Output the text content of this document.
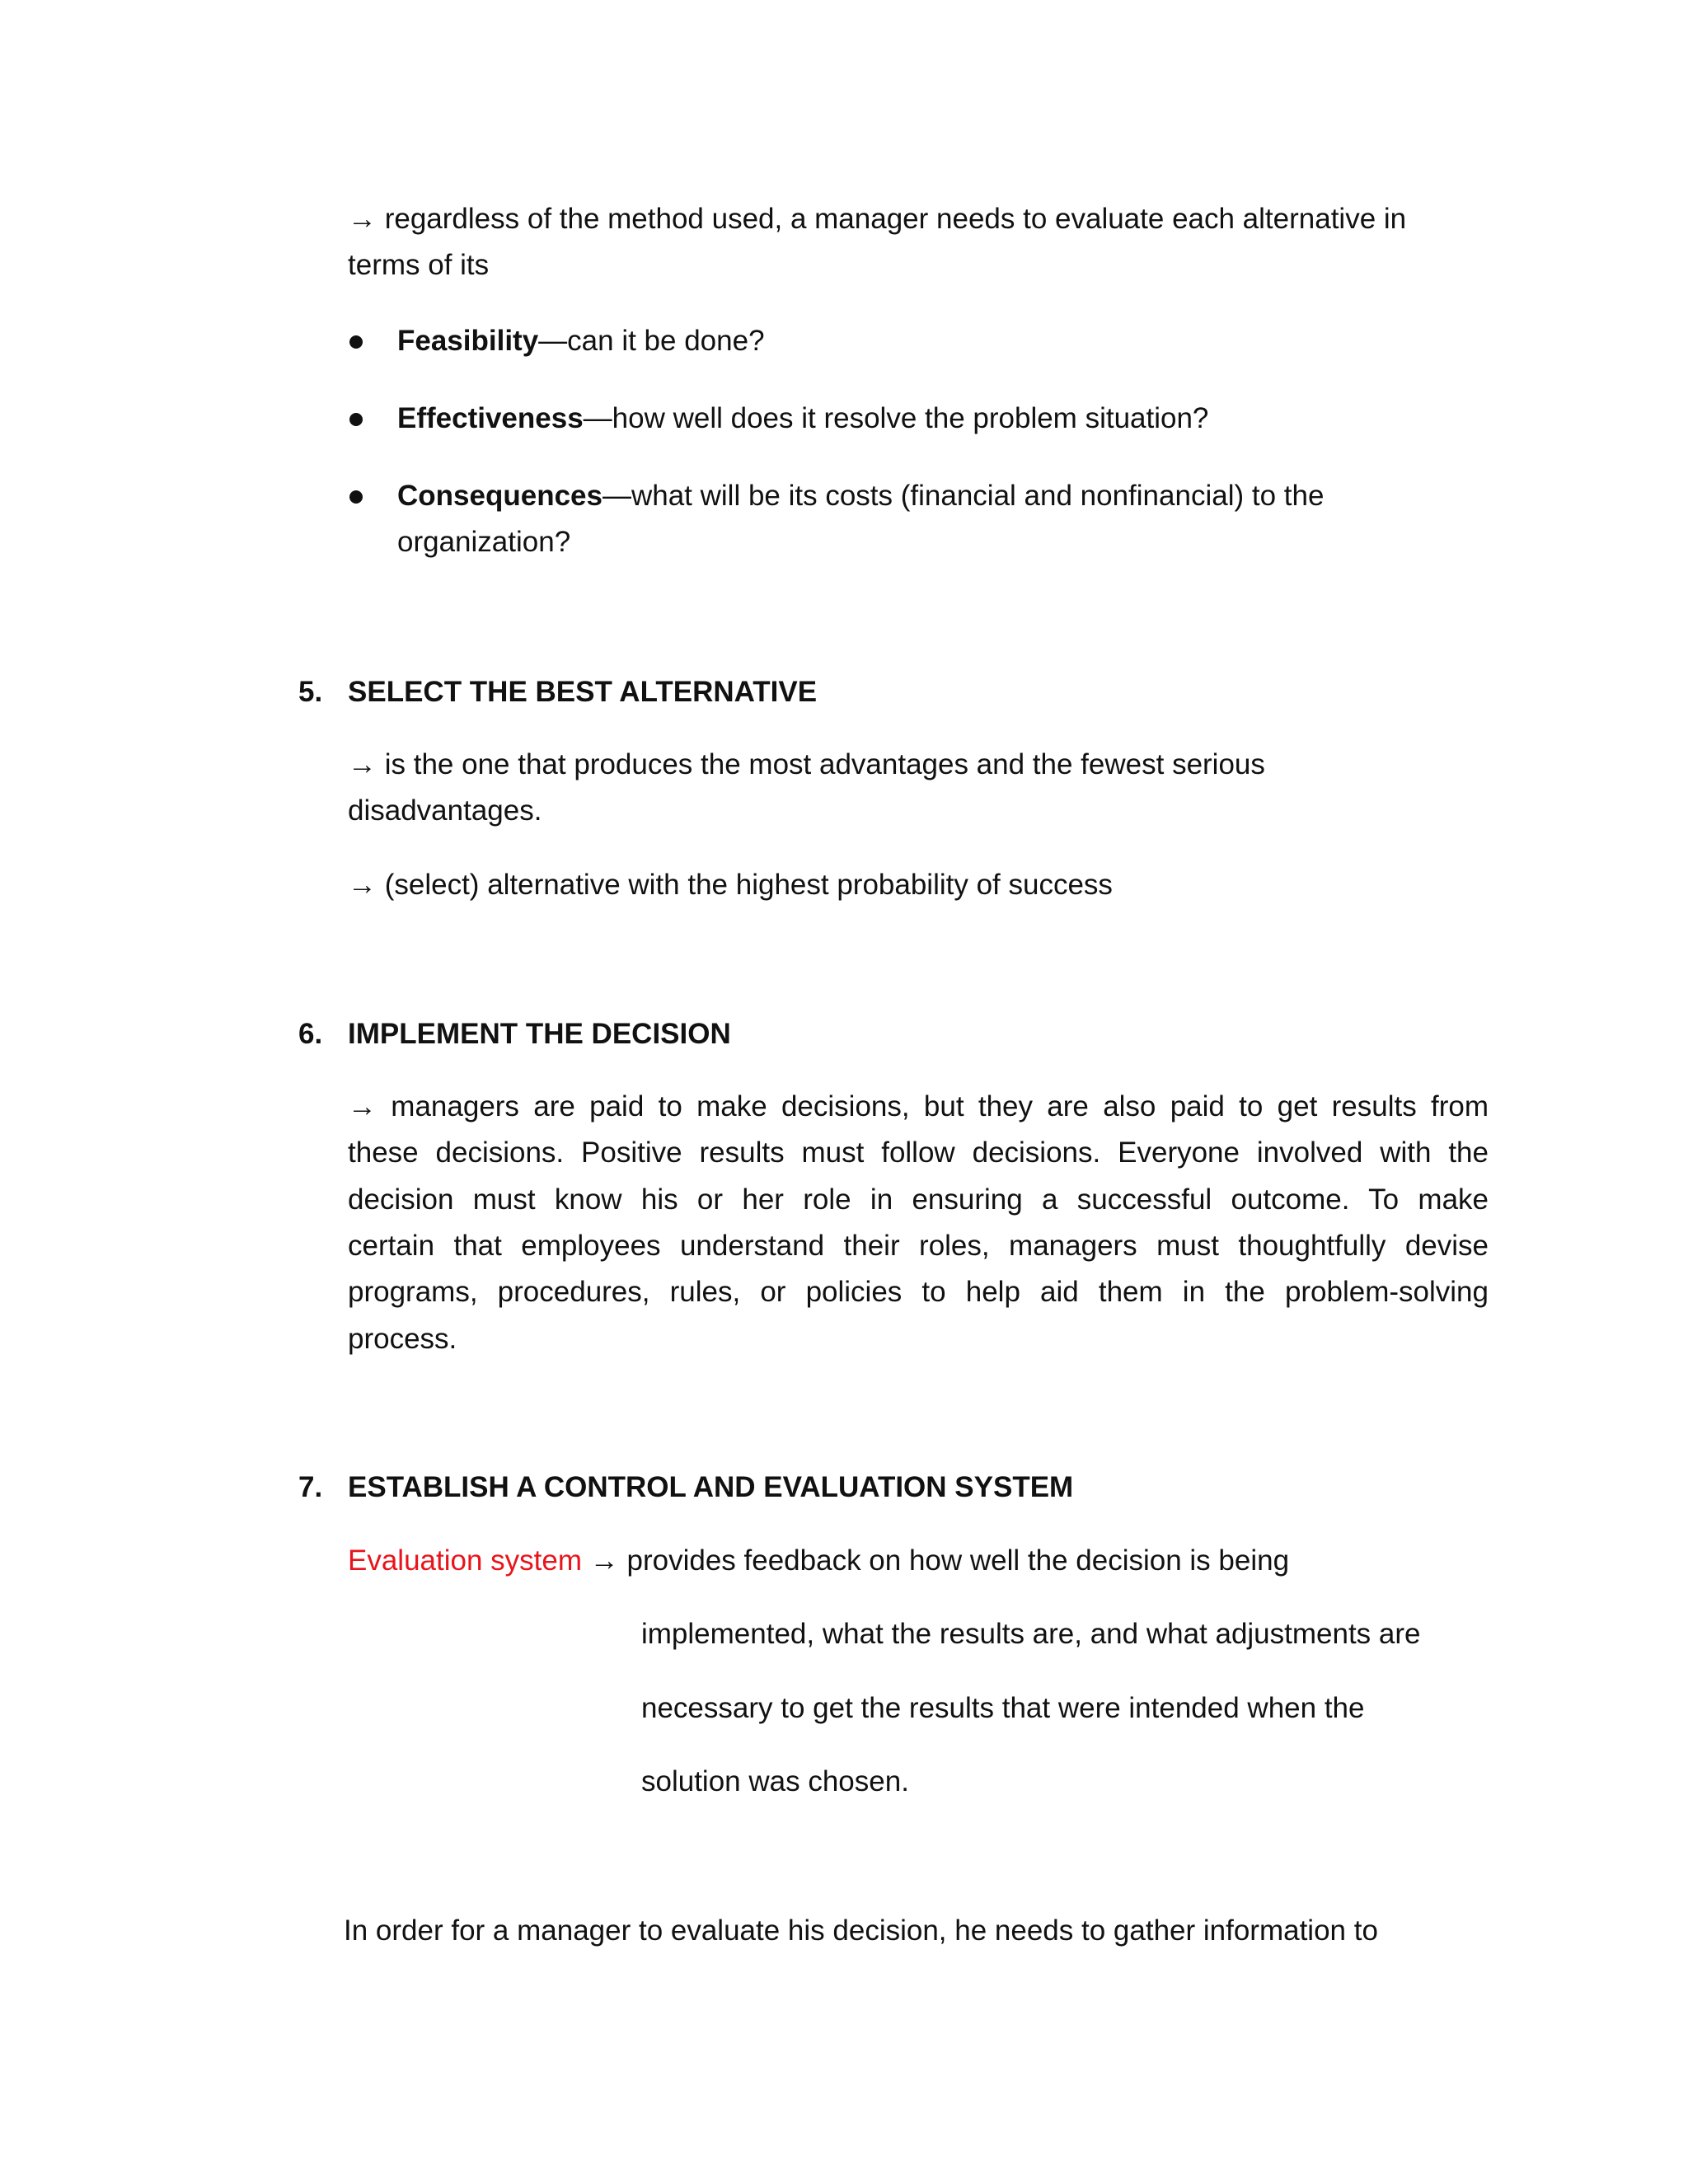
→ regardless of the method used, a manager needs to evaluate each alternative in

terms of its

Feasibility—can it be done?

Effectiveness—how well does it resolve the problem situation?

Consequences—what will be its costs (financial and nonfinancial) to the

organization?

5. SELECT THE BEST ALTERNATIVE

→ is the one that produces the most advantages and the fewest serious

disadvantages.

→ (select) alternative with the highest probability of success

6. IMPLEMENT THE DECISION

→ managers are paid to make decisions, but they are also paid to get results from

these decisions. Positive results must follow decisions. Everyone involved with the

decision must know his or her role in ensuring a successful outcome. To make

certain that employees understand their roles, managers must thoughtfully devise

programs, procedures, rules, or policies to help aid them in the problem-solving

process.

7. ESTABLISH A CONTROL AND EVALUATION SYSTEM

Evaluation system → provides feedback on how well the decision is being

implemented, what the results are, and what adjustments are

necessary to get the results that were intended when the

solution was chosen.

In order for a manager to evaluate his decision, he needs to gather information to
